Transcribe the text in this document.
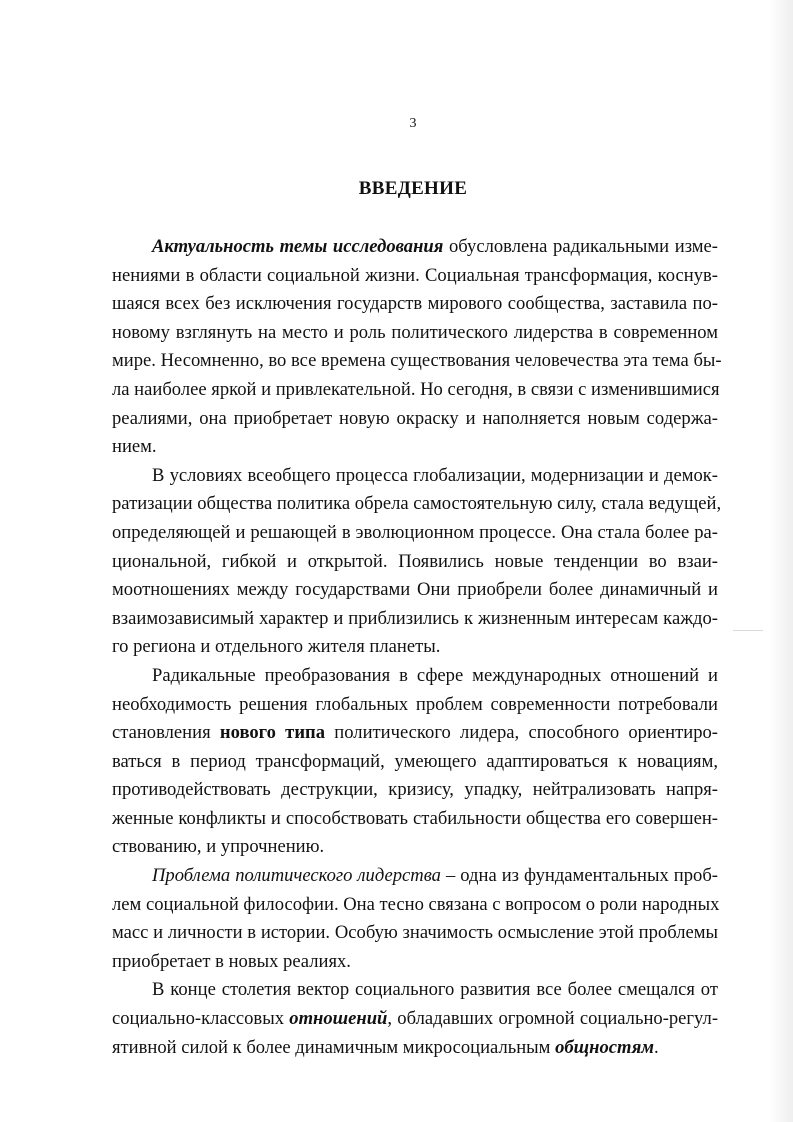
3
ВВЕДЕНИЕ
Актуальность темы исследования обусловлена радикальными изме-
нениями в области социальной жизни. Социальная трансформация, коснув-
шаяся всех без исключения государств мирового сообщества, заставила по-
новому взглянуть на место и роль политического лидерства в современном
мире. Несомненно, во все времена существования человечества эта тема бы-
ла наиболее яркой и привлекательной. Но сегодня, в связи с изменившимися
реалиями, она приобретает новую окраску и наполняется новым содержа-
нием.
В условиях всеобщего процесса глобализации, модернизации и демок-
ратизации общества политика обрела самостоятельную силу, стала ведущей,
определяющей и решающей в эволюционном процессе. Она стала более ра-
циональной, гибкой и открытой. Появились новые тенденции во взаи-
моотношениях между государствами Они приобрели более динамичный и
взаимозависимый характер и приблизились к жизненным интересам каждо-
го региона и отдельного жителя планеты.
Радикальные преобразования в сфере международных отношений и
необходимость решения глобальных проблем современности потребовали
становления нового типа политического лидера, способного ориентиро-
ваться в период трансформаций, умеющего адаптироваться к новациям,
противодействовать деструкции, кризису, упадку, нейтрализовать напря-
женные конфликты и способствовать стабильности общества его совершен-
ствованию, и упрочнению.
Проблема политического лидерства – одна из фундаментальных проб-
лем социальной философии. Она тесно связана с вопросом о роли народных
масс и личности в истории. Особую значимость осмысление этой проблемы
приобретает в новых реалиях.
В конце столетия вектор социального развития все более смещался от
социально-классовых отношений, обладавших огромной социально-регул-
ятивной силой к более динамичным микросоциальным общностям.
